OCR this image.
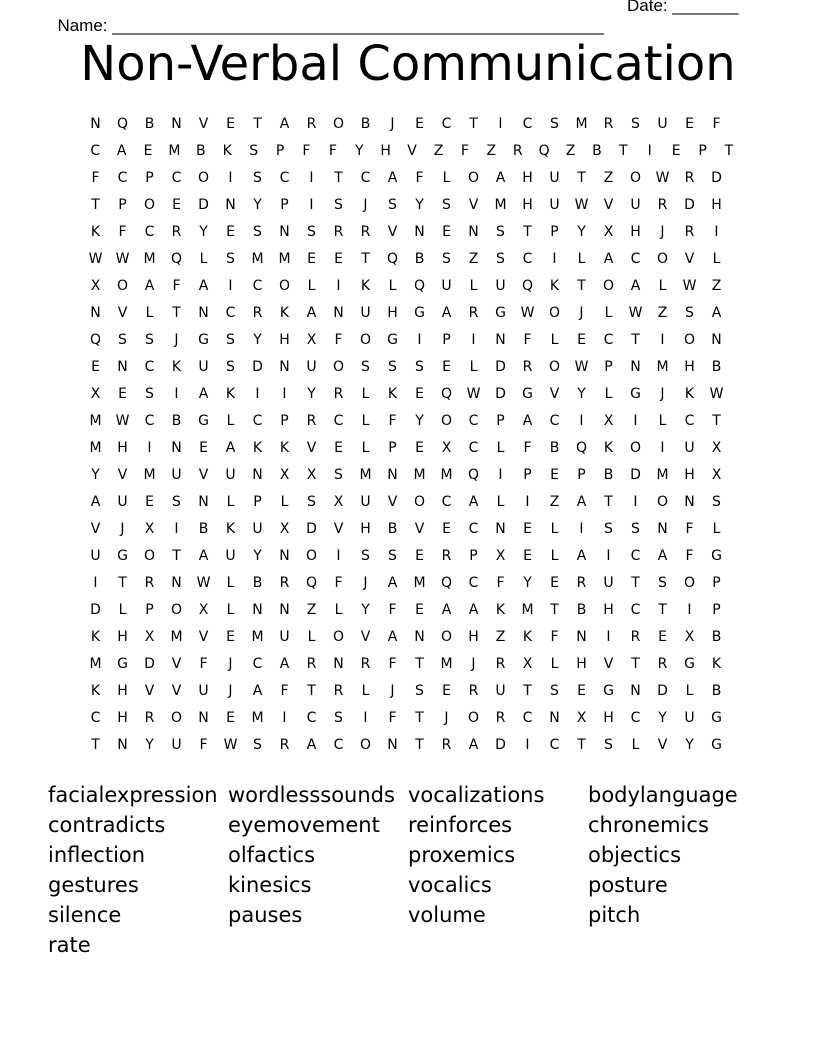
Name: ____________________________________________________

Date: _______

Non-Verbal Communication
N	Q	B	N	V	E	T	A	R	O	B	J	E	C	T	I	C	S	M	R	S	U	E	F
C	A	E	M	B	K	S	P	F	F	Y	H	V	Z	F	Z	R	Q	Z	B	T	I	E	P	T
F	C	P	C	O	I	S	C	I	T	C	A	F	L	O	A	H	U	T	Z	O	W	R	D
T	P	O	E	D	N	Y	P	I	S	J	S	Y	S	V	M	H	U	W	V	U	R	D	H
K	F	C	R	Y	E	S	N	S	R	R	V	N	E	N	S	T	P	Y	X	H	J	R	I
W W	M	Q	L	S	M	M	E	E	T	Q	B	S	Z	S	C	I	L	A	C	O	V	L
X	O	A	F	A	I	C	O	L	I	K	L	Q	U	L	U	Q	K	T	O	A	L	W	Z
N	V	L	T	N	C	R	K	A	N	U	H	G	A	R	G	W	O	J	L	W	Z	S	A
Q	S	S	J	G	S	Y	H	X	F	O	G	I	P	I	N	F	L	E	C	T	I	O	N
E	N	C	K	U	S	D	N	U	O	S	S	S	E	L	D	R	O	W	P	N	M	H	B
X	E	S	I	A	K	I	I	Y	R	L	K	E	Q	W	D	G	V	Y	L	G	J	K	W
M	W	C	B	G	L	C	P	R	C	L	F	Y	O	C	P	A	C	I	X	I	L	C	T
M	H	I	N	E	A	K	K	V	E	L	P	E	X	C	L	F	B	Q	K	O	I	U	X
Y	V	M	U	V	U	N	X	X	S	M	N	M	M	Q	I	P	E	P	B	D	M	H	X
A	U	E	S	N	L	P	L	S	X	U	V	O	C	A	L	I	Z	A	T	I	O	N	S
V	J	X	I	B	K	U	X	D	V	H	B	V	E	C	N	E	L	I	S	S	N	F	L
U	G	O	T	A	U	Y	N	O	I	S	S	E	R	P	X	E	L	A	I	C	A	F	G
I	T	R	N	W	L	B	R	Q	F	J	A	M	Q	C	F	Y	E	R	U	T	S	O	P
D	L	P	O	X	L	N	N	Z	L	Y	F	E	A	A	K	M	T	B	H	C	T	I	P
K	H	X	M	V	E	M	U	L	O	V	A	N	O	H	Z	K	F	N	I	R	E	X	B
M	G	D	V	F	J	C	A	R	N	R	F	T	M	J	R	X	L	H	V	T	R	G	K
K	H	V	V	U	J	A	F	T	R	L	J	S	E	R	U	T	S	E	G	N	D	L	B
C	H	R	O	N	E	M	I	C	S	I	F	T	J	O	R	C	N	X	H	C	Y	U	G
T	N	Y	U	F	W	S	R	A	C	O	N	T	R	A	D	I	C	T	S	L	V	Y	G
facialexpression wordlesssounds vocalizations	bodylanguage
contradicts	eyemovement	reinforces	chronemics
inflection	olfactics	proxemics	objectics
gestures	kinesics	vocalics	posture
silence	pauses	volume	pitch
rate
